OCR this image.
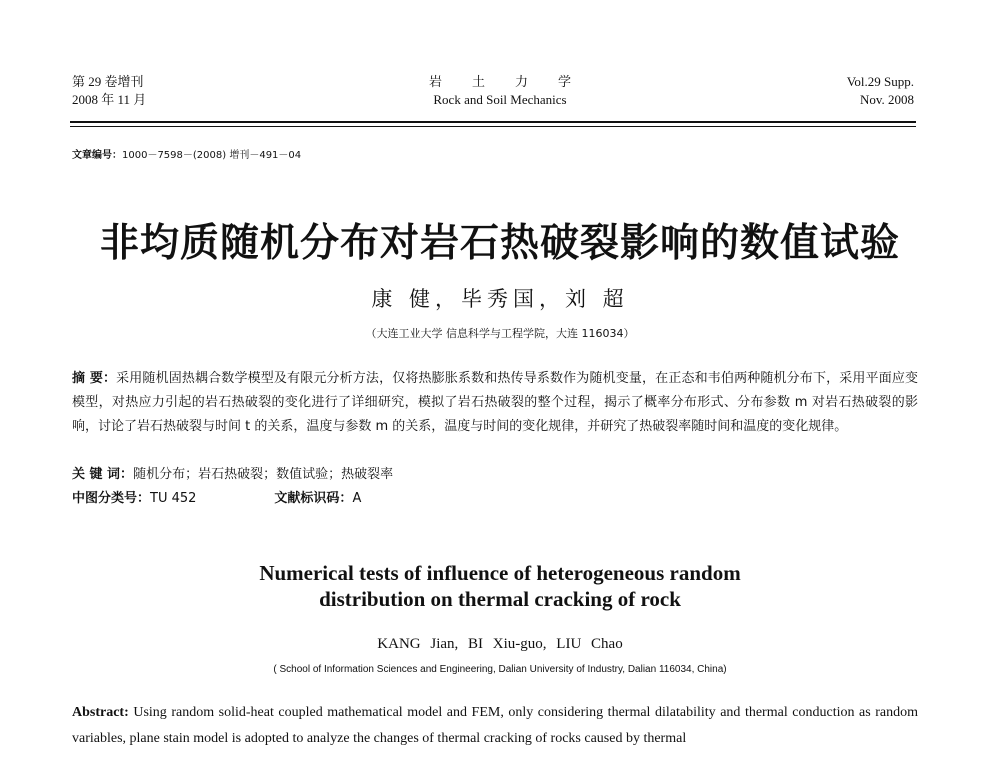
第 29 卷增刊
2008 年 11 月
岩土力学
Rock and Soil Mechanics
Vol.29 Supp.
Nov. 2008
文章编号：1000－7598－(2008) 增刊－491－04
非均质随机分布对岩石热破裂影响的数值试验
康 健，毕秀国，刘 超
（大连工业大学 信息科学与工程学院，大连 116034）
摘 要：采用随机固热耦合数学模型及有限元分析方法，仅将热膨胀系数和热传导系数作为随机变量，在正态和韦伯两种随机分布下，采用平面应变模型，对热应力引起的岩石热破裂的变化进行了详细研究，模拟了岩石热破裂的整个过程，揭示了概率分布形式、分布参数 m 对岩石热破裂的影响，讨论了岩石热破裂与时间 t 的关系，温度与参数 m 的关系，温度与时间的变化规律，并研究了热破裂率随时间和温度的变化规律。
关 键 词：随机分布；岩石热破裂；数值试验；热破裂率
中图分类号：TU 452	文献标识码：A
Numerical tests of influence of heterogeneous random
distribution on thermal cracking of rock
KANG Jian, BI Xiu-guo, LIU Chao
( School of Information Sciences and Engineering, Dalian University of Industry, Dalian 116034, China)
Abstract: Using random solid-heat coupled mathematical model and FEM, only considering thermal dilatability and thermal conduction as random variables, plane stain model is adopted to analyze the changes of thermal cracking of rocks caused by thermal
